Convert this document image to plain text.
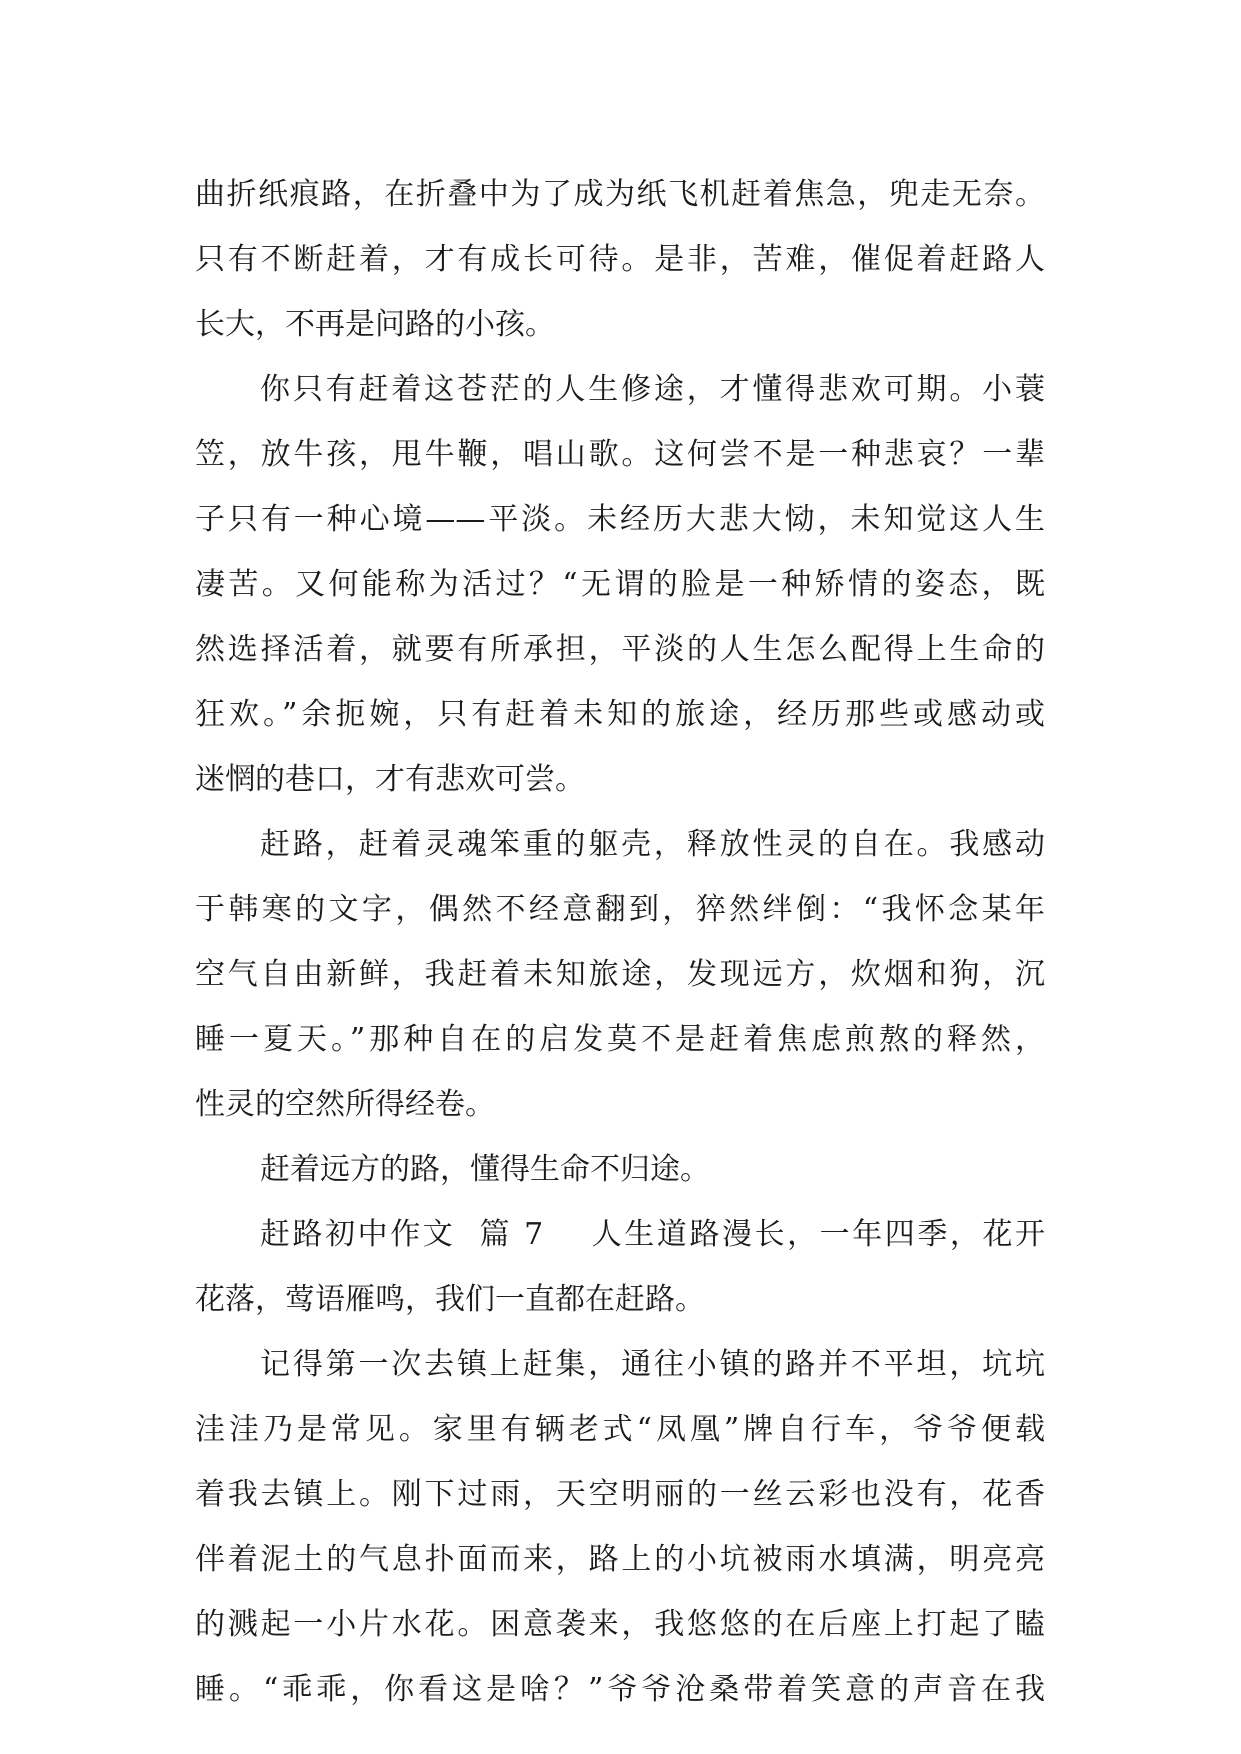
曲折纸痕路，在折叠中为了成为纸飞机赶着焦急，兜走无奈。
只有不断赶着，才有成长可待。是非，苦难，催促着赶路人
长大，不再是问路的小孩。
你只有赶着这苍茫的人生修途，才懂得悲欢可期。小蓑
笠，放牛孩，甩牛鞭，唱山歌。这何尝不是一种悲哀？一辈
子只有一种心境——平淡。未经历大悲大恸，未知觉这人生
凄苦。又何能称为活过？“无谓的脸是一种矫情的姿态，既
然选择活着，就要有所承担，平淡的人生怎么配得上生命的
狂欢。”余扼婉，只有赶着未知的旅途，经历那些或感动或
迷惘的巷口，才有悲欢可尝。
赶路，赶着灵魂笨重的躯壳，释放性灵的自在。我感动
于韩寒的文字，偶然不经意翻到，猝然绊倒：“我怀念某年
空气自由新鲜，我赶着未知旅途，发现远方，炊烟和狗，沉
睡一夏天。”那种自在的启发莫不是赶着焦虑煎熬的释然，
性灵的空然所得经卷。
赶着远方的路，懂得生命不归途。
赶路初中作文  篇 7 人生道路漫长，一年四季，花开
花落，莺语雁鸣，我们一直都在赶路。
记得第一次去镇上赶集，通往小镇的路并不平坦，坑坑
洼洼乃是常见。家里有辆老式“凤凰”牌自行车，爷爷便载
着我去镇上。刚下过雨，天空明丽的一丝云彩也没有，花香
伴着泥土的气息扑面而来，路上的小坑被雨水填满，明亮亮
的溅起一小片水花。困意袭来，我悠悠的在后座上打起了瞌
睡。“乖乖，你看这是啥？”爷爷沧桑带着笑意的声音在我
